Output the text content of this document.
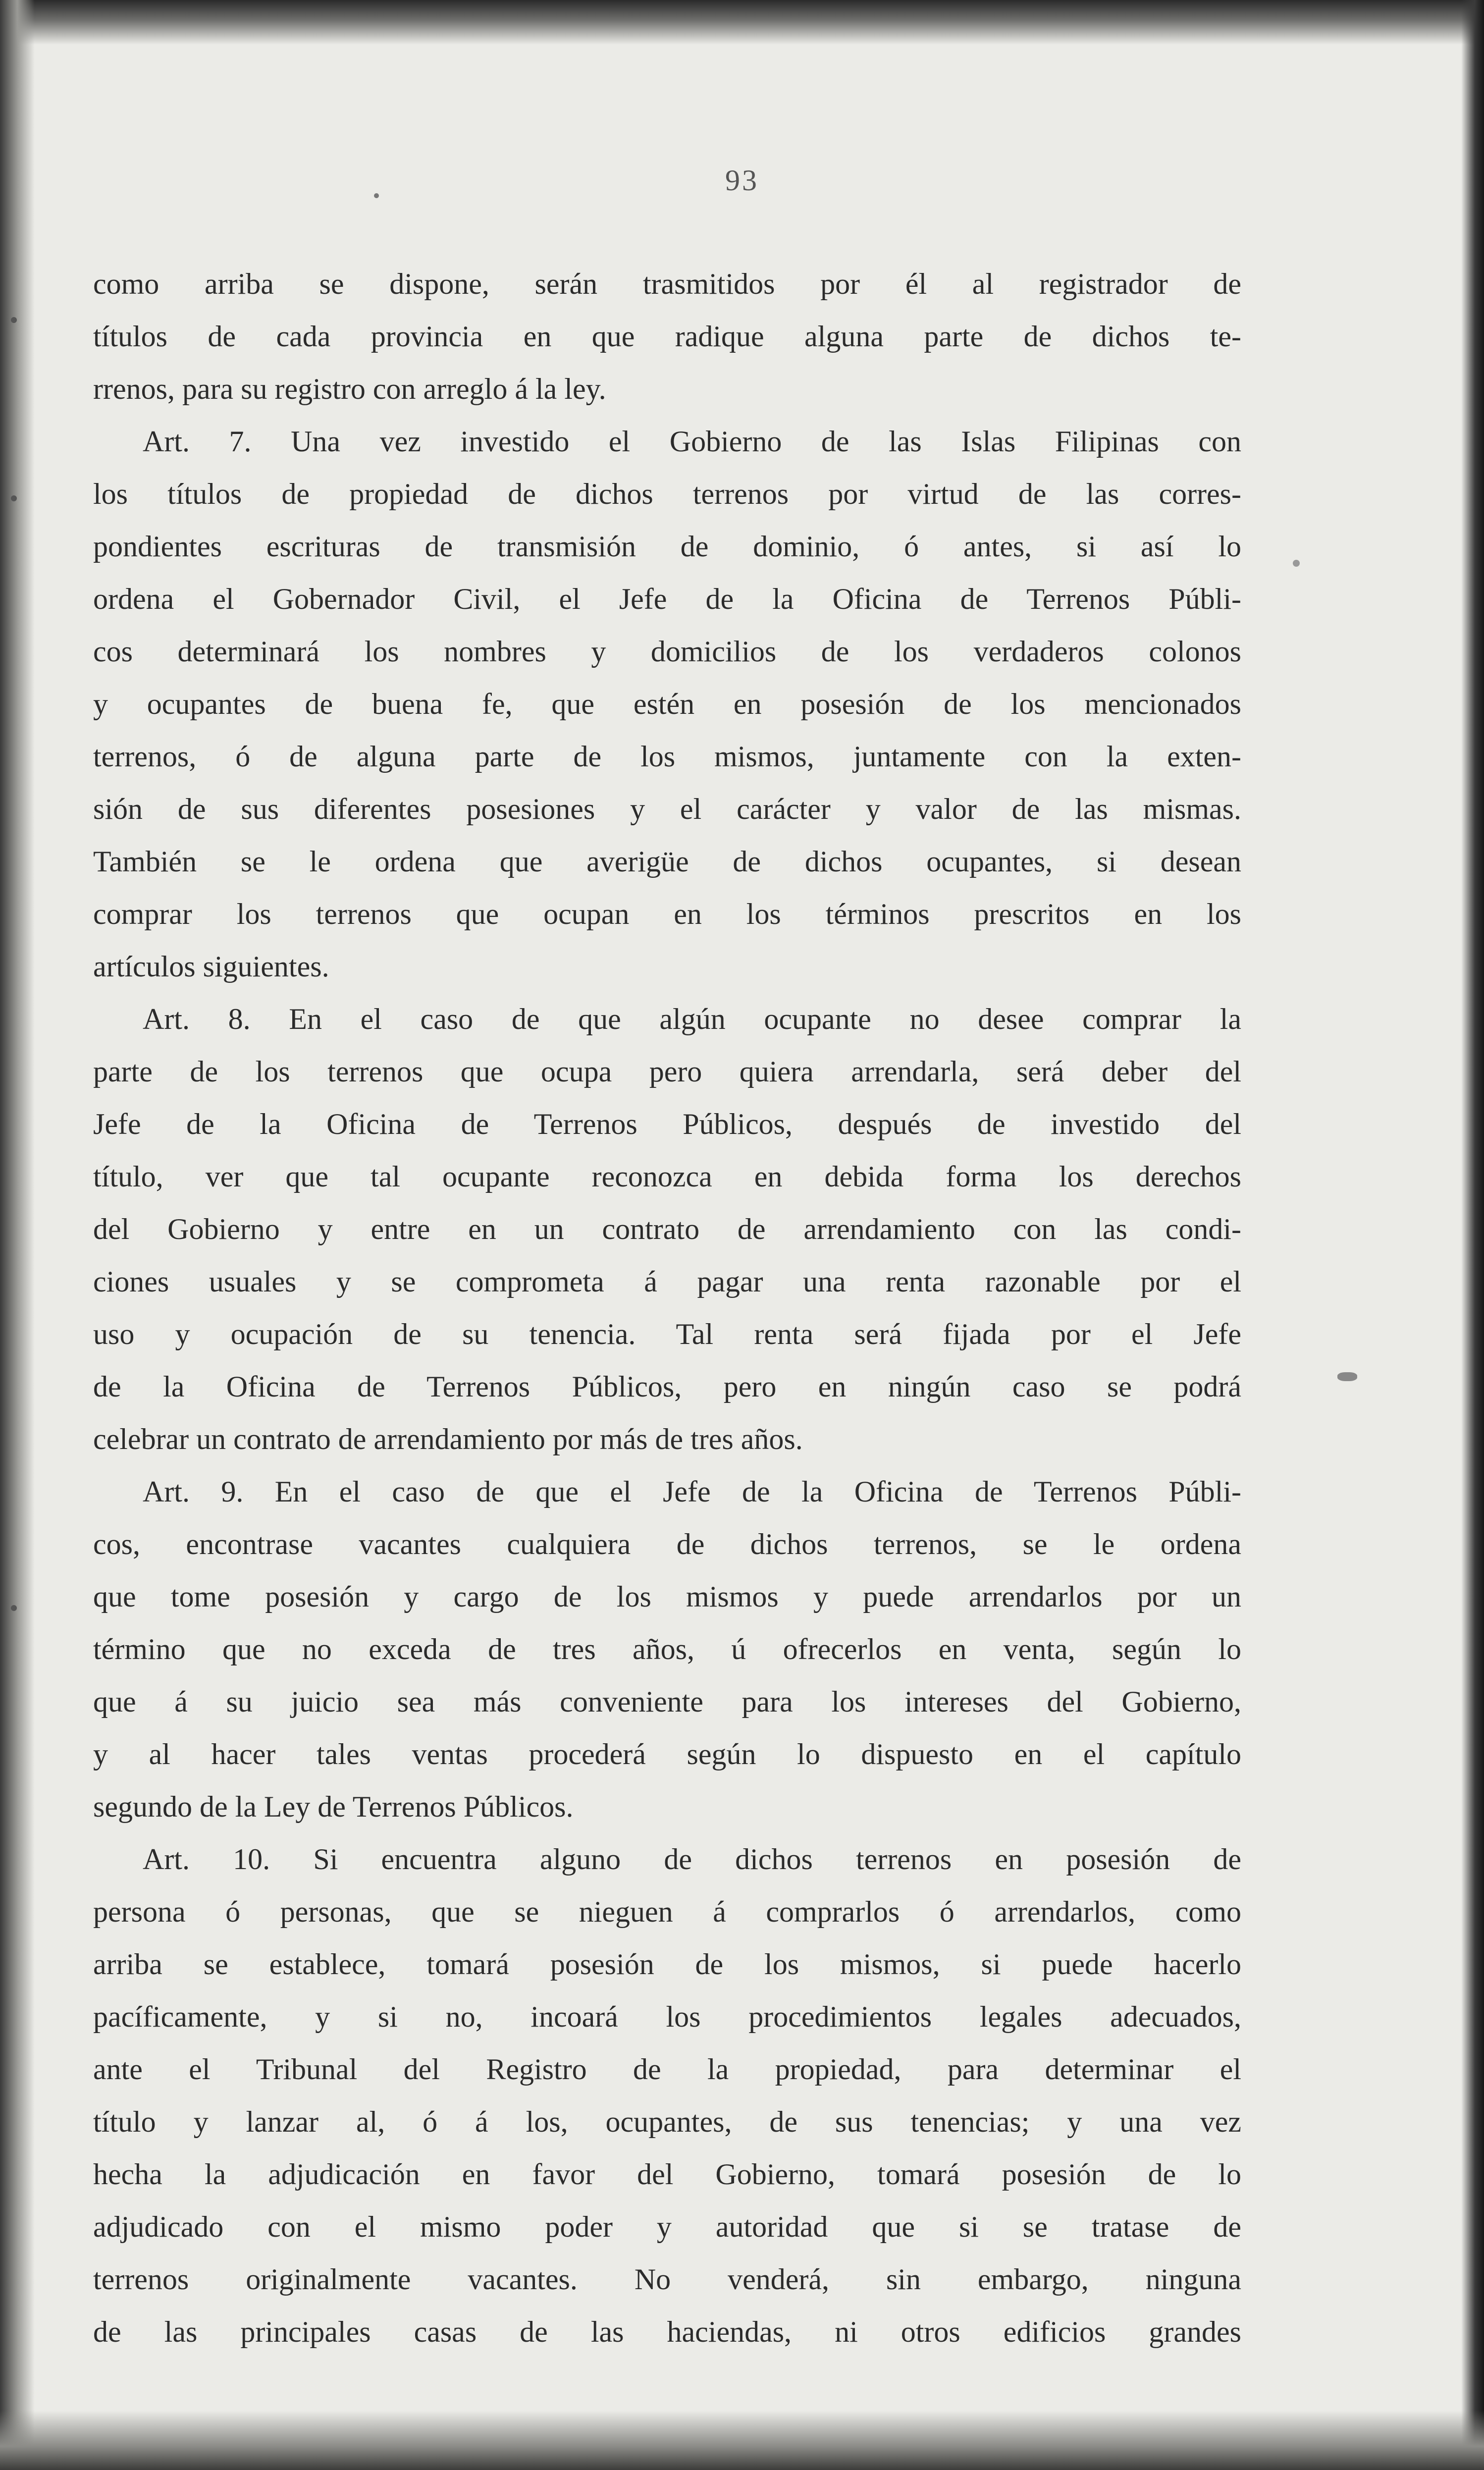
93
como arriba se dispone, serán trasmitidos por él al registrador de
títulos de cada provincia en que radique alguna parte de dichos te-
rrenos, para su registro con arreglo á la ley.
Art. 7. Una vez investido el Gobierno de las Islas Filipinas con
los títulos de propiedad de dichos terrenos por virtud de las corres-
pondientes escrituras de transmisión de dominio, ó antes, si así lo
ordena el Gobernador Civil, el Jefe de la Oficina de Terrenos Públi-
cos determinará los nombres y domicilios de los verdaderos colonos
y ocupantes de buena fe, que estén en posesión de los mencionados
terrenos, ó de alguna parte de los mismos, juntamente con la exten-
sión de sus diferentes posesiones y el carácter y valor de las mismas.
También se le ordena que averigüe de dichos ocupantes, si desean
comprar los terrenos que ocupan en los términos prescritos en los
artículos siguientes.
Art. 8. En el caso de que algún ocupante no desee comprar la
parte de los terrenos que ocupa pero quiera arrendarla, será deber del
Jefe de la Oficina de Terrenos Públicos, después de investido del
título, ver que tal ocupante reconozca en debida forma los derechos
del Gobierno y entre en un contrato de arrendamiento con las condi-
ciones usuales y se comprometa á pagar una renta razonable por el
uso y ocupación de su tenencia. Tal renta será fijada por el Jefe
de la Oficina de Terrenos Públicos, pero en ningún caso se podrá
celebrar un contrato de arrendamiento por más de tres años.
Art. 9. En el caso de que el Jefe de la Oficina de Terrenos Públi-
cos, encontrase vacantes cualquiera de dichos terrenos, se le ordena
que tome posesión y cargo de los mismos y puede arrendarlos por un
término que no exceda de tres años, ú ofrecerlos en venta, según lo
que á su juicio sea más conveniente para los intereses del Gobierno,
y al hacer tales ventas procederá según lo dispuesto en el capítulo
segundo de la Ley de Terrenos Públicos.
Art. 10. Si encuentra alguno de dichos terrenos en posesión de
persona ó personas, que se nieguen á comprarlos ó arrendarlos, como
arriba se establece, tomará posesión de los mismos, si puede hacerlo
pacíficamente, y si no, incoará los procedimientos legales adecuados,
ante el Tribunal del Registro de la propiedad, para determinar el
título y lanzar al, ó á los, ocupantes, de sus tenencias; y una vez
hecha la adjudicación en favor del Gobierno, tomará posesión de lo
adjudicado con el mismo poder y autoridad que si se tratase de
terrenos originalmente vacantes. No venderá, sin embargo, ninguna
de las principales casas de las haciendas, ni otros edificios grandes
